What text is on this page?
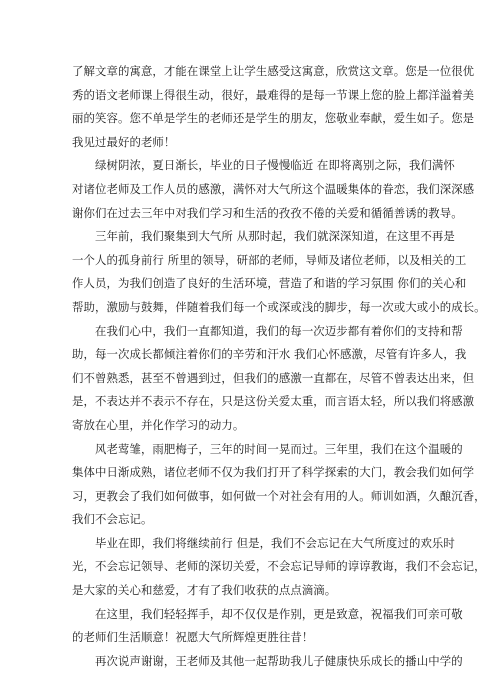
了解文章的寓意，才能在课堂上让学生感受这寓意，欣赏这文章。您是一位很优
秀的语文老师课上得很生动，很好，最难得的是每一节课上您的脸上都洋溢着美
丽的笑容。您不单是学生的老师还是学生的朋友，您敬业奉献，爱生如子。您是
我见过最好的老师！

　　绿树阴浓，夏日渐长，毕业的日子慢慢临近 在即将离别之际，我们满怀
对诸位老师及工作人员的感激，满怀对大气所这个温暖集体的眷恋，我们深深感
谢你们在过去三年中对我们学习和生活的孜孜不倦的关爱和循循善诱的教导。

　　三年前，我们聚集到大气所 从那时起，我们就深深知道，在这里不再是
一个人的孤身前行 所里的领导，研部的老师，导师及诸位老师，以及相关的工
作人员，为我们创造了良好的生活环境，营造了和谐的学习氛围 你们的关心和
帮助，激励与鼓舞，伴随着我们每一个或深或浅的脚步，每一次或大或小的成长。

　　在我们心中，我们一直都知道，我们的每一次迈步都有着你们的支持和帮
助，每一次成长都倾注着你们的辛劳和汗水 我们心怀感激，尽管有许多人，我
们不曾熟悉，甚至不曾遇到过，但我们的感激一直都在，尽管不曾表达出来，但
是，不表达并不表示不存在，只是这份关爱太重，而言语太轻，所以我们将感激
寄放在心里，并化作学习的动力。

　　风老莺雏，雨肥梅子，三年的时间一晃而过。三年里，我们在这个温暖的
集体中日渐成熟，诸位老师不仅为我们打开了科学探索的大门，教会我们如何学
习，更教会了我们如何做事，如何做一个对社会有用的人。师训如酒，久酿沉香，
我们不会忘记。

　　毕业在即，我们将继续前行 但是，我们不会忘记在大气所度过的欢乐时
光，不会忘记领导、老师的深切关爱，不会忘记导师的谆谆教诲，我们不会忘记，
是大家的关心和慈爱，才有了我们收获的点点滴滴。

　　在这里，我们轻轻挥手，却不仅仅是作别，更是致意，祝福我们可亲可敬
的老师们生活顺意！祝愿大气所辉煌更胜往昔！

　　再次说声谢谢，王老师及其他一起帮助我儿子健康快乐成长的播山中学的
